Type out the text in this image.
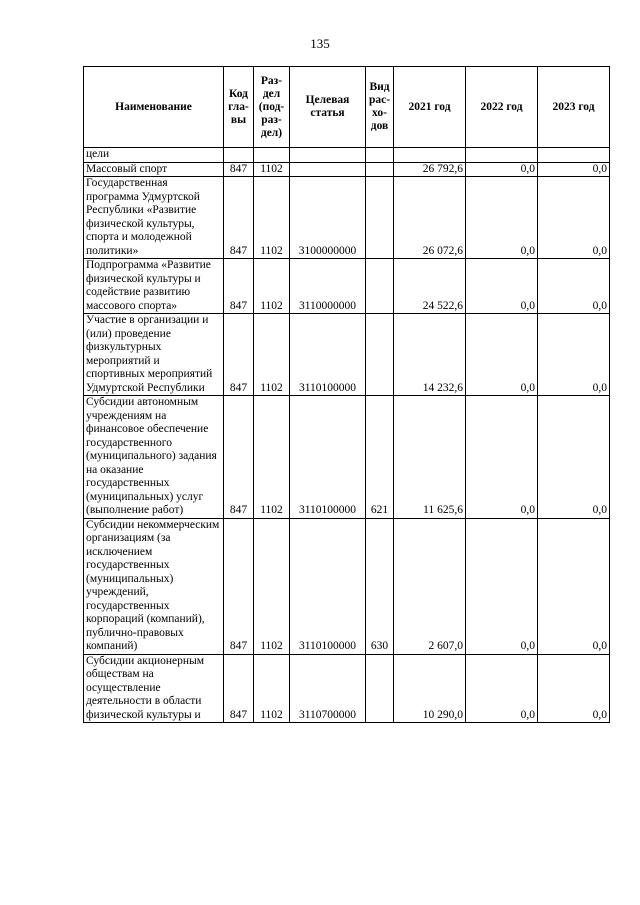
135
Наименование	Код гла- вы	Раз- дел (под- раз- дел)	Целевая статья	Вид рас- хо- дов	2021 год	2022 год	2023 год
цели							
Массовый спорт	847	1102			26 792,6	0,0	0,0
Государственная программа Удмуртской Республики «Развитие физической культуры, спорта и молодежной политики»	847	1102	3100000000		26 072,6	0,0	0,0
Подпрограмма «Развитие физической культуры и содействие развитию массового спорта»	847	1102	3110000000		24 522,6	0,0	0,0
Участие в организации и (или) проведение физкультурных мероприятий и спортивных мероприятий Удмуртской Республики	847	1102	3110100000		14 232,6	0,0	0,0
Субсидии автономным учреждениям на финансовое обеспечение государственного (муниципального) задания на оказание государственных (муниципальных) услуг (выполнение работ)	847	1102	3110100000	621	11 625,6	0,0	0,0
Субсидии некоммерческим организациям (за исключением государственных (муниципальных) учреждений, государственных корпораций (компаний), публично-правовых компаний)	847	1102	3110100000	630	2 607,0	0,0	0,0
Субсидии акционерным обществам на осуществление деятельности в области физической культуры и	847	1102	3110700000		10 290,0	0,0	0,0
